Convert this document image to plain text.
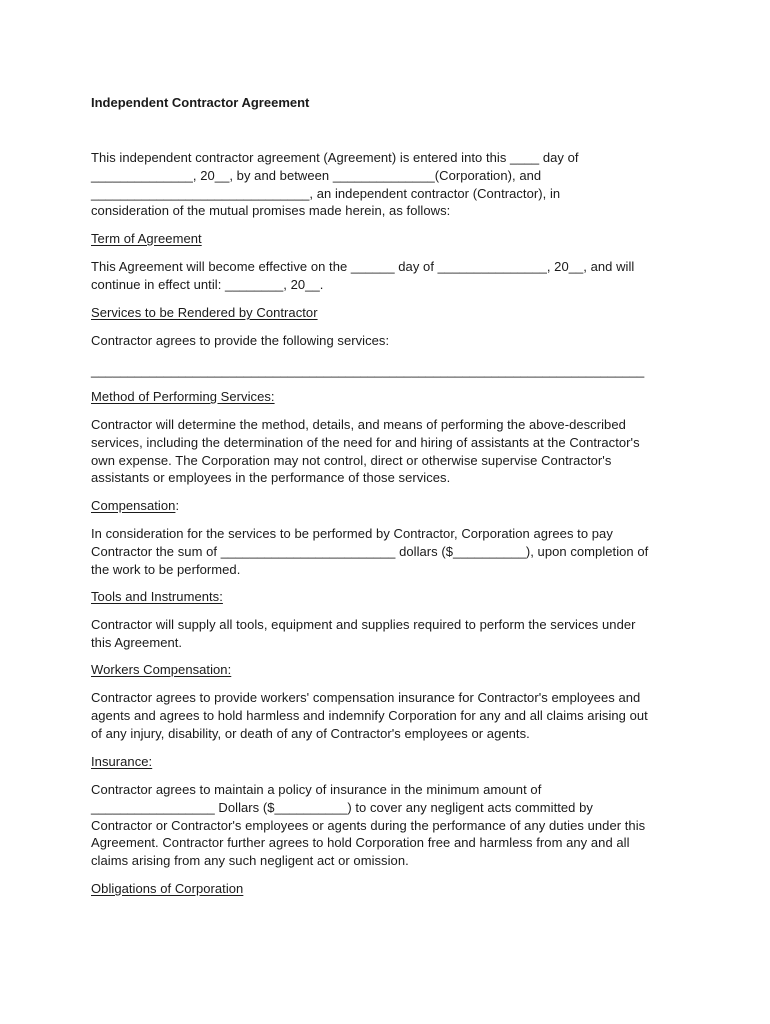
Independent Contractor Agreement
This independent contractor agreement (Agreement) is entered into this ____ day of
______________, 20__, by and between ______________(Corporation), and
______________________________, an independent contractor (Contractor), in
consideration of the mutual promises made herein, as follows:
Term of Agreement
This Agreement will become effective on the ______ day of _______________, 20__, and will
continue in effect until: ________, 20__.
Services to be Rendered by Contractor
Contractor agrees to provide the following services:
____________________________________________________________________________
Method of Performing Services:
Contractor will determine the method, details, and means of performing the above-described
services, including the determination of the need for and hiring of assistants at the Contractor's
own expense. The Corporation may not control, direct or otherwise supervise Contractor's
assistants or employees in the performance of those services.
Compensation:
In consideration for the services to be performed by Contractor, Corporation agrees to pay
Contractor the sum of ________________________ dollars ($__________), upon completion of
the work to be performed.
Tools and Instruments:
Contractor will supply all tools, equipment and supplies required to perform the services under
this Agreement.
Workers Compensation:
Contractor agrees to provide workers' compensation insurance for Contractor's employees and
agents and agrees to hold harmless and indemnify Corporation for any and all claims arising out
of any injury, disability, or death of any of Contractor's employees or agents.
Insurance:
Contractor agrees to maintain a policy of insurance in the minimum amount of
_________________ Dollars ($__________) to cover any negligent acts committed by
Contractor or Contractor's employees or agents during the performance of any duties under this
Agreement. Contractor further agrees to hold Corporation free and harmless from any and all
claims arising from any such negligent act or omission.
Obligations of Corporation
